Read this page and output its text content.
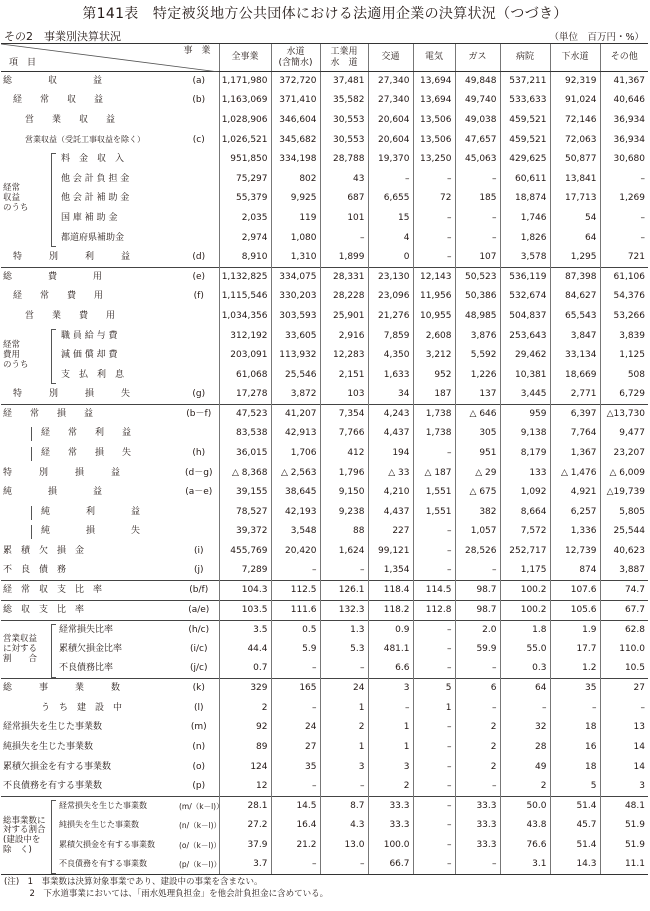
第141表　特定被災地方公共団体における法適用企業の決算状況（つづき）
その2　事業別決算状況	（単位　百万円・%）
事　業
項　目		全事業	水道
(含簡水)	工業用
水　道	交通	電気	ガス	病院	下水道	その他
総　　　　収　　　　益	(a)	1,171,980	372,720	37,481	27,340	13,694	49,848	537,211	92,319	41,367
経　　常　　収　　益	(b)	1,163,069	371,410	35,582	27,340	13,694	49,740	533,633	91,024	40,646
営　　業　　収　　益		1,028,906	346,604	30,553	20,604	13,506	49,038	459,521	72,146	36,934
営業収益（受託工事収益を除く）	(c)	1,026,521	345,682	30,553	20,604	13,506	47,657	459,521	72,063	36,934

経常
収益
のうち
料　金　収　入		951,850	334,198	28,788	19,370	13,250	45,063	429,625	50,877	30,680
他 会 計 負 担 金		75,297	802	43	–	–	–	60,611	13,841	–
他 会 計 補 助 金		55,379	9,925	687	6,655	72	185	18,874	17,713	1,269
国 庫 補 助 金		2,035	119	101	15	–	–	1,746	54	–
都道府県補助金		2,974	1,080	–	4	–	–	1,826	64	–
特　　　別　　　利　　　益	(d)	8,910	1,310	1,899	0	–	107	3,578	1,295	721
総　　　　費　　　　用	(e)	1,132,825	334,075	28,331	23,130	12,143	50,523	536,119	87,398	61,106
経　　常　　費　　用	(f)	1,115,546	330,203	28,228	23,096	11,956	50,386	532,674	84,627	54,376
営　　業　　費　　用		1,034,356	303,593	25,901	21,276	10,955	48,985	504,837	65,543	53,266

経常
費用
のうち
職 員 給 与 費		312,192	33,605	2,916	7,859	2,608	3,876	253,643	3,847	3,839
減 価 償 却 費		203,091	113,932	12,283	4,350	3,212	5,592	29,462	33,134	1,125
支　払　利　息		61,068	25,546	2,151	1,633	952	1,226	10,381	18,669	508
特　　　別　　　損　　　失	(g)	17,278	3,872	103	34	187	137	3,445	2,771	6,729
経　　常　　損　　益	(b－f)	47,523	41,207	7,354	4,243	1,738	△ 646	959	6,397	△13,730

経　　常　　利　　益		83,538	42,913	7,766	4,437	1,738	305	9,138	7,764	9,477

経　　常　　損　　失	(h)	36,015	1,706	412	194	–	951	8,179	1,367	23,207
特　　　別　　　損　　　益	(d－g)	△ 8,368	△ 2,563	1,796	△ 33	△ 187	△ 29	133	△ 1,476	△ 6,009
純　　　　損　　　　益	(a－e)	39,155	38,645	9,150	4,210	1,551	△ 675	1,092	4,921	△19,739

純　　　　利　　　　益		78,527	42,193	9,238	4,437	1,551	382	8,664	6,257	5,805

純　　　　損　　　　失		39,372	3,548	88	227	–	1,057	7,572	1,336	25,544
累　積　欠　損　金	(i)	455,769	20,420	1,624	99,121	–	28,526	252,717	12,739	40,623
不　良　債　務	(j)	7,289	–	–	1,354	–	–	1,175	874	3,887
経　常　収　支　比　率	(b/f)	104.3	112.5	126.1	118.4	114.5	98.7	100.2	107.6	74.7
総　収　支　比　率	(a/e)	103.5	111.6	132.3	118.2	112.8	98.7	100.2	105.6	67.7

営業収益
に対する
割　　合
経常損失比率	(h/c)	3.5	0.5	1.3	0.9	–	2.0	1.8	1.9	62.8
累積欠損金比率	(i/c)	44.4	5.9	5.3	481.1	–	59.9	55.0	17.7	110.0
不良債務比率	(j/c)	0.7	–	–	6.6	–	–	0.3	1.2	10.5
総　　　事　　　業　　　数	(k)	329	165	24	3	5	6	64	35	27
う　ち　建　設　中	(l)	2	–	1	–	1	–	–	–	–
経常損失を生じた事業数	(m)	92	24	2	1	–	2	32	18	13
純損失を生じた事業数	(n)	89	27	1	1	–	2	28	16	14
累積欠損金を有する事業数	(o)	124	35	3	3	–	2	49	18	14
不良債務を有する事業数	(p)	12	–	–	2	–	–	2	5	3

総事業数に
対する割合
(建設中を
除　く)
経常損失を生じた事業数	(m/（k－l)）	28.1	14.5	8.7	33.3	–	33.3	50.0	51.4	48.1
純損失を生じた事業数	(n/（k－l)）	27.2	16.4	4.3	33.3	–	33.3	43.8	45.7	51.9
累積欠損金を有する事業数	(o/（k－l)）	37.9	21.2	13.0	100.0	–	33.3	76.6	51.4	51.9
不良債務を有する事業数	(p/（k－l)）	3.7	–	–	66.7	–	–	3.1	14.3	11.1
(注)　1　事業数は決算対象事業であり、建設中の事業を含まない。
　　　2　下水道事業においては、「雨水処理負担金」を他会計負担金に含めている。
